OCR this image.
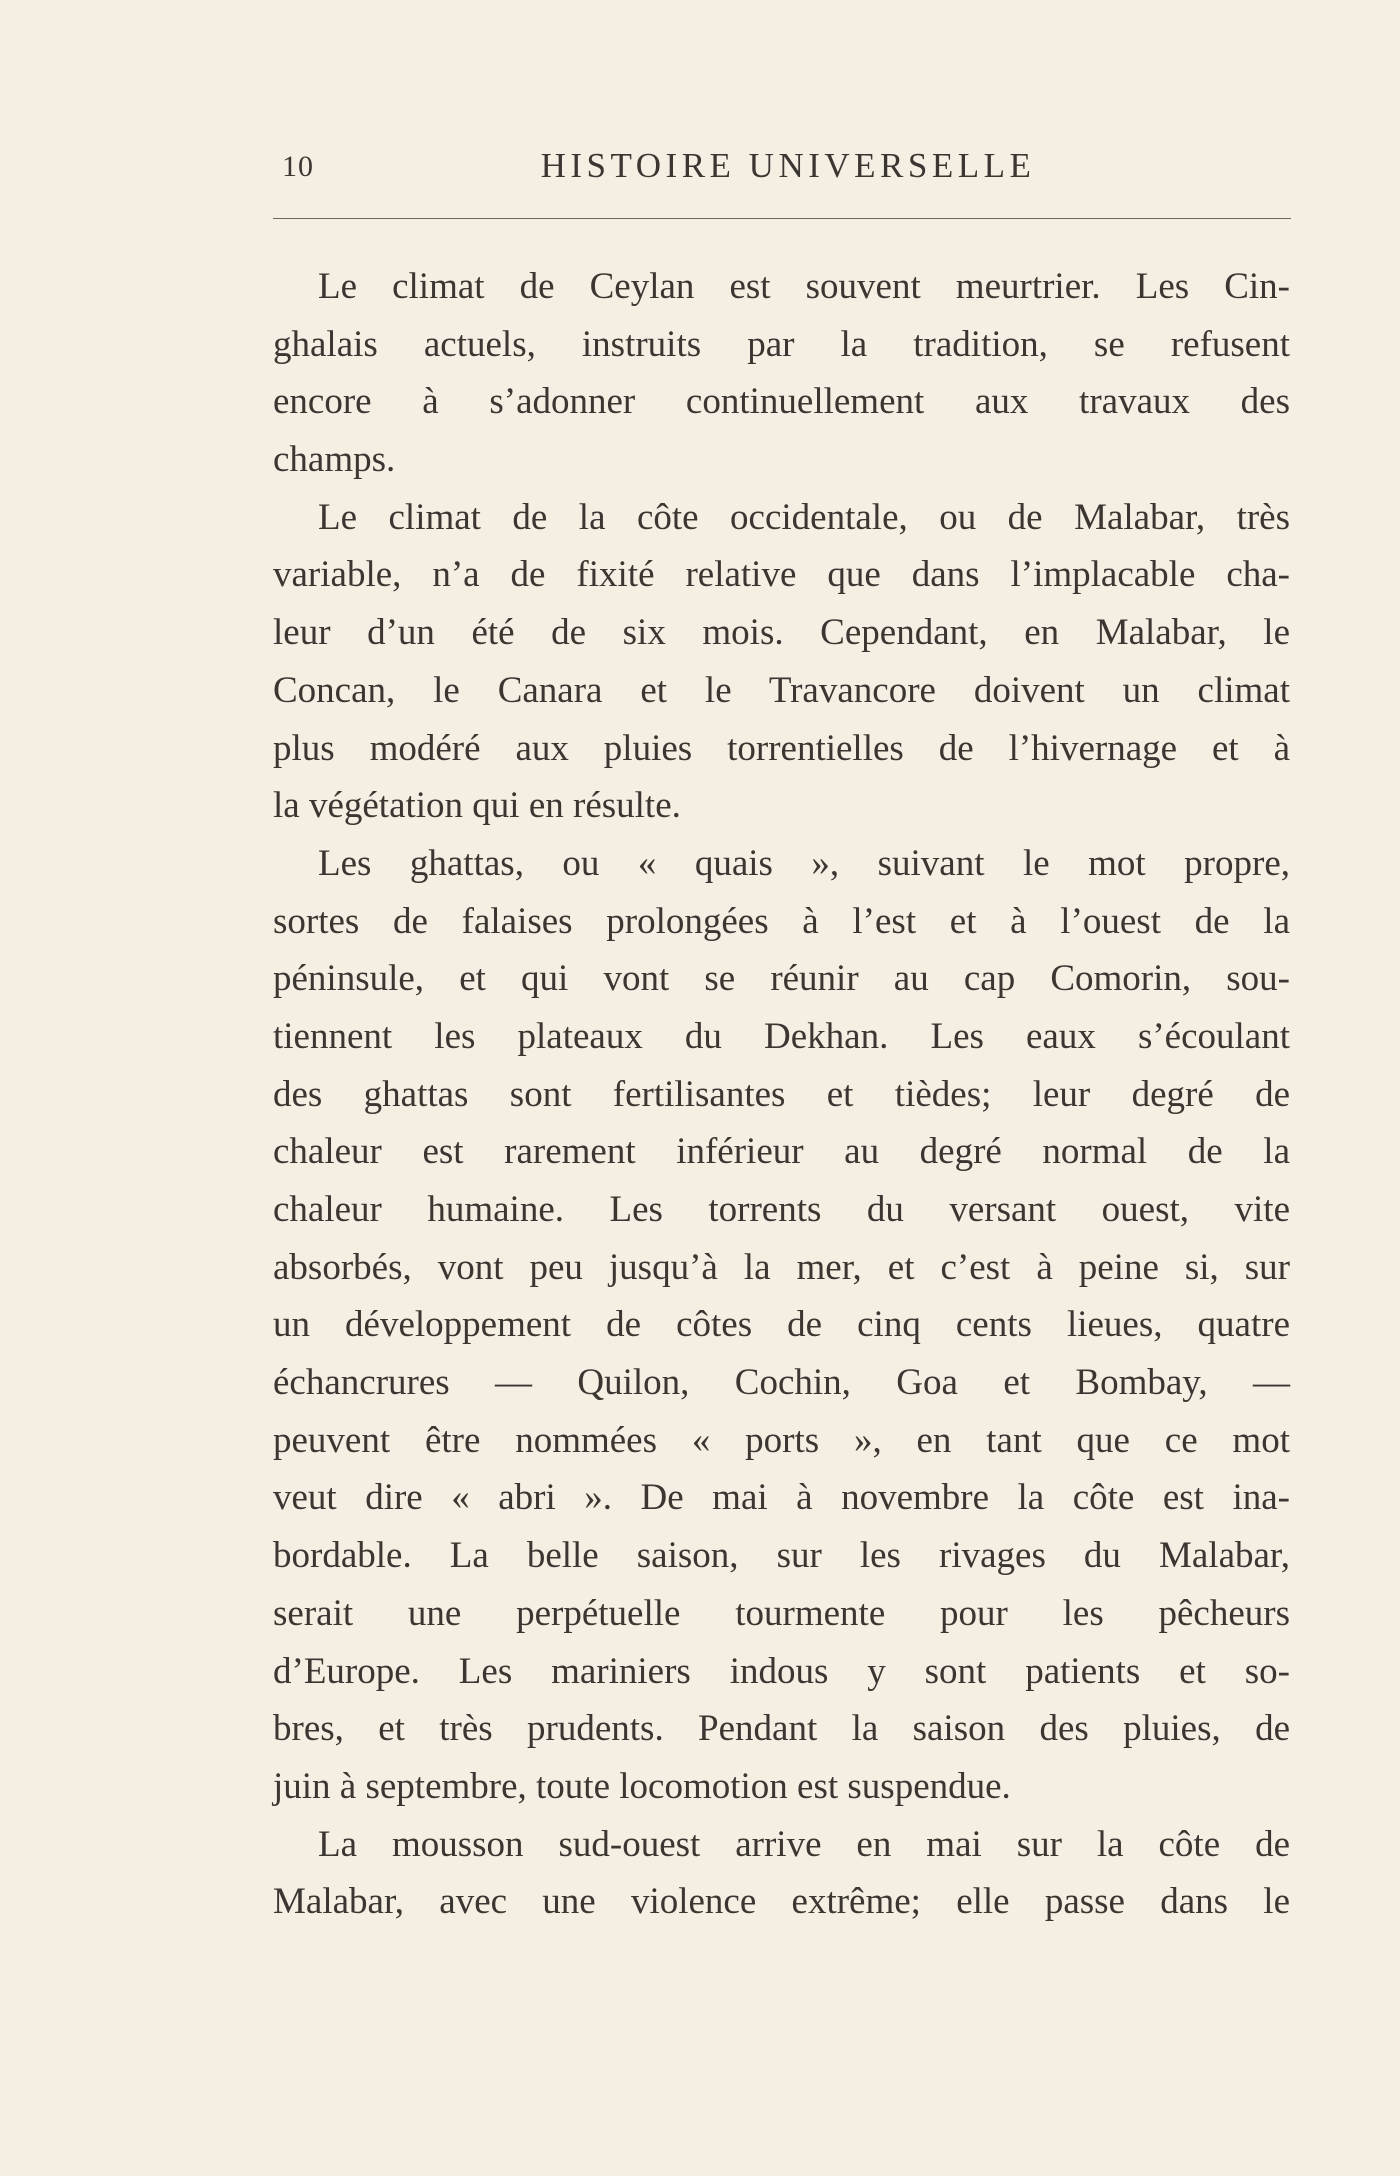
10	HISTOIRE UNIVERSELLE
Le climat de Ceylan est souvent meurtrier. Les Cin-
ghalais actuels, instruits par la tradition, se refusent
encore à s’adonner continuellement aux travaux des
champs.
Le climat de la côte occidentale, ou de Malabar, très
variable, n’a de fixité relative que dans l’implacable cha-
leur d’un été de six mois. Cependant, en Malabar, le
Concan, le Canara et le Travancore doivent un climat
plus modéré aux pluies torrentielles de l’hivernage et à
la végétation qui en résulte.
Les ghattas, ou « quais », suivant le mot propre,
sortes de falaises prolongées à l’est et à l’ouest de la
péninsule, et qui vont se réunir au cap Comorin, sou-
tiennent les plateaux du Dekhan. Les eaux s’écoulant
des ghattas sont fertilisantes et tièdes; leur degré de
chaleur est rarement inférieur au degré normal de la
chaleur humaine. Les torrents du versant ouest, vite
absorbés, vont peu jusqu’à la mer, et c’est à peine si, sur
un développement de côtes de cinq cents lieues, quatre
échancrures — Quilon, Cochin, Goa et Bombay, —
peuvent être nommées « ports », en tant que ce mot
veut dire « abri ». De mai à novembre la côte est ina-
bordable. La belle saison, sur les rivages du Malabar,
serait une perpétuelle tourmente pour les pêcheurs
d’Europe. Les mariniers indous y sont patients et so-
bres, et très prudents. Pendant la saison des pluies, de
juin à septembre, toute locomotion est suspendue.
La mousson sud-ouest arrive en mai sur la côte de
Malabar, avec une violence extrême; elle passe dans le
